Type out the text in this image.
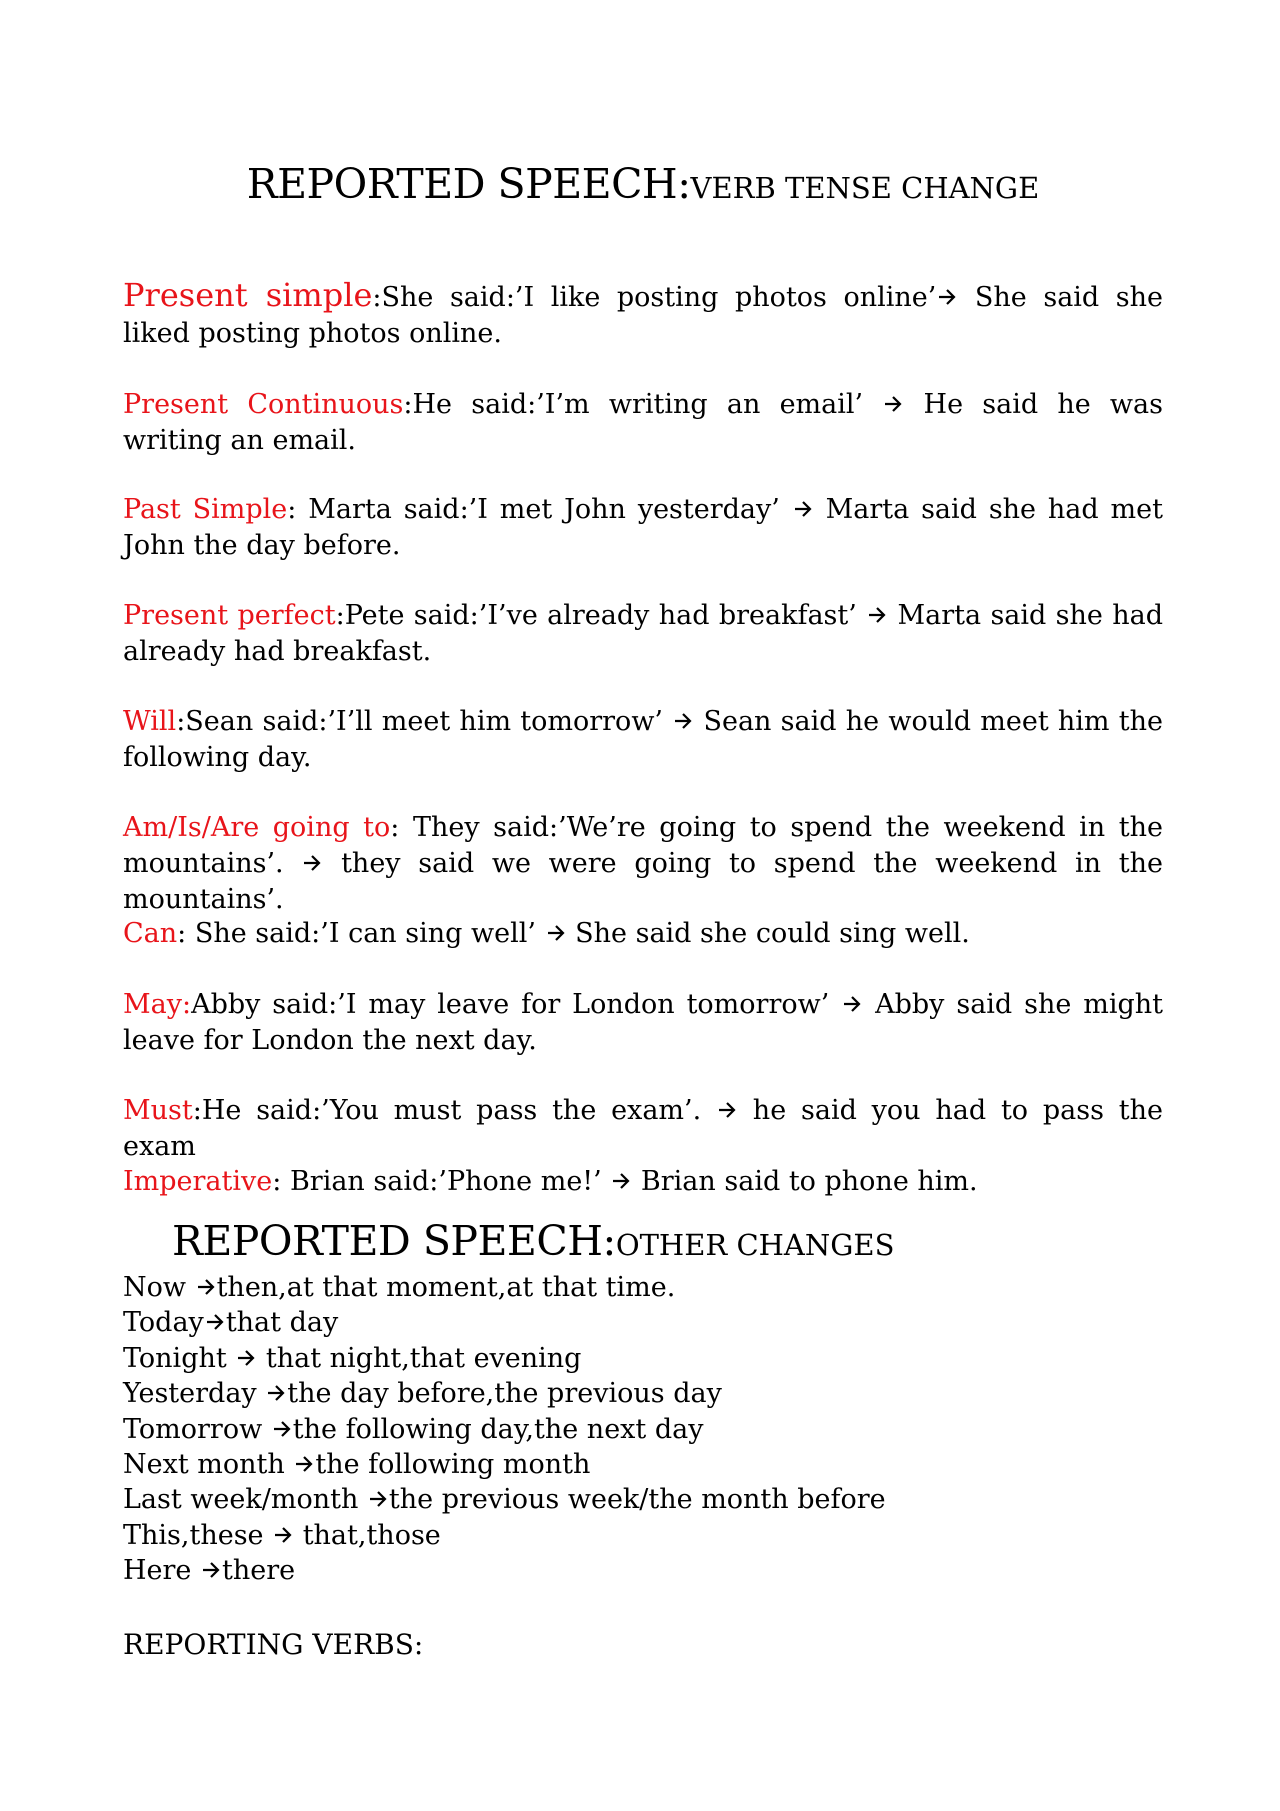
REPORTED SPEECH:VERB TENSE CHANGE

Present simple:She said:’I like posting photos online’ She said she liked posting photos online.

Present Continuous:He said:’I’m writing an email’  He said he was writing an email.

Past Simple: Marta said:’I met John yesterday’  Marta said she had met John the day before.

Present perfect:Pete said:’I’ve already had breakfast’  Marta said she had already had breakfast.

Will:Sean said:’I’ll meet him tomorrow’  Sean said he would meet him the following day.

Am/Is/Are going to: They said:’We’re going to spend the weekend in the mountains’.  they said we were going to spend the weekend in the mountains’.

Can: She said:’I can sing well’  She said she could sing well.

May:Abby said:’I may leave for London tomorrow’  Abby said she might leave for London the next day.

Must:He said:’You must pass the exam’.  he said you had to pass the exam

Imperative: Brian said:’Phone me!’  Brian said to phone him.

REPORTED SPEECH:OTHER CHANGES
Now then,at that moment,at that time.
Today that day
Tonight  that night,that evening
Yesterday the day before,the previous day
Tomorrow the following day,the next day
Next month the following month
Last week/month the previous week/the month before
This,these  that,those
Here there
REPORTING VERBS:
